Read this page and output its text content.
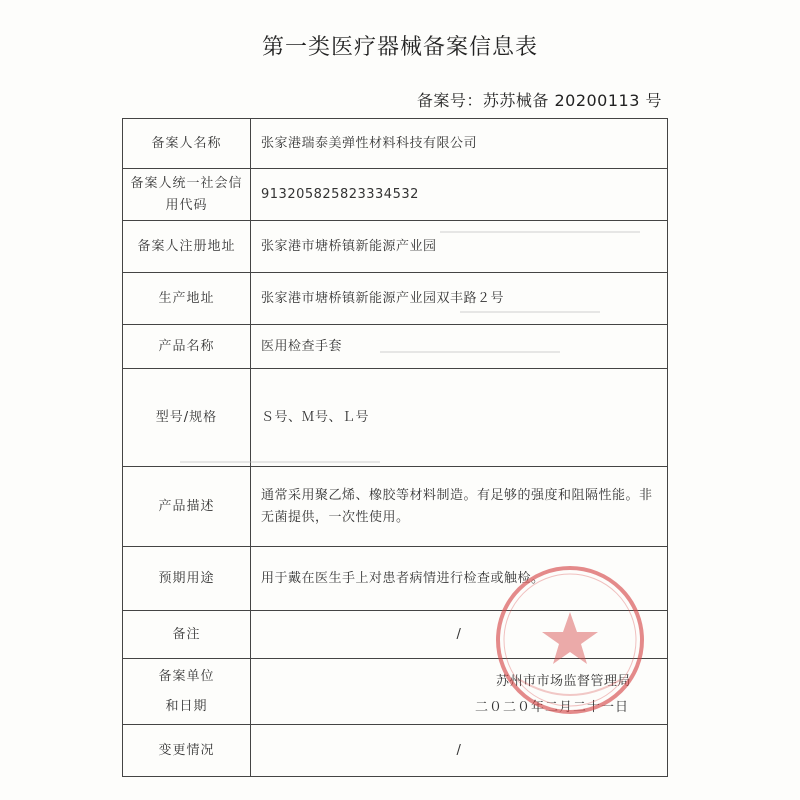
第一类医疗器械备案信息表
备案号：苏苏械备 20200113 号
备案人名称	张家港瑞泰美弹性材料科技有限公司

备案人统一社会信
用代码	913205825823334532
备案人注册地址	张家港市塘桥镇新能源产业园
生产地址	张家港市塘桥镇新能源产业园双丰路２号
产品名称	医用检查手套
型号/规格	Ｓ号、Ｍ号、Ｌ号
产品描述	通常采用聚乙烯、橡胶等材料制造。有足够的强度和阻隔性能。非无菌提供，一次性使用。
预期用途	用于戴在医生手上对患者病情进行检查或触检。
备注	/

备案单位
和日期	苏州市市场监督管理局
二０二０年二月二十一日

变更情况	/
